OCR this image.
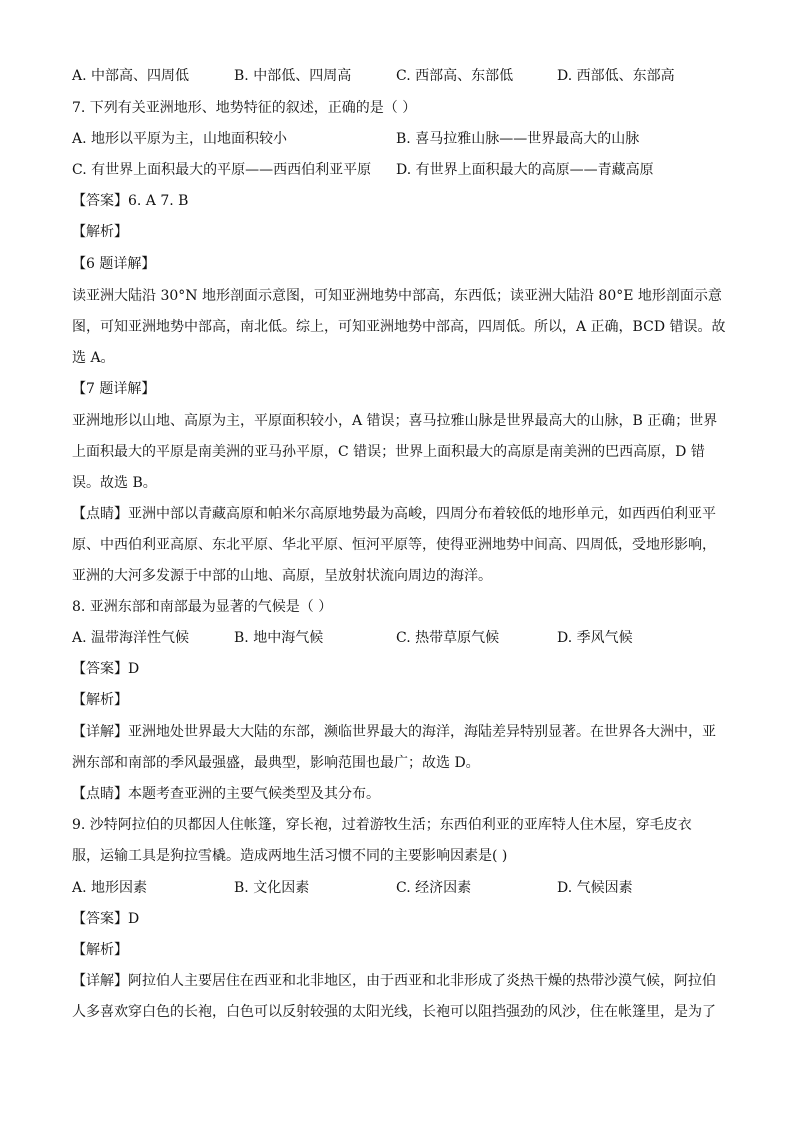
A. 中部高、四周低	B. 中部低、四周高	C. 西部高、东部低	D. 西部低、东部高
7. 下列有关亚洲地形、地势特征的叙述，正确的是（ ）
A. 地形以平原为主，山地面积较小	B. 喜马拉雅山脉——世界最高大的山脉
C. 有世界上面积最大的平原——西西伯利亚平原 D. 有世界上面积最大的高原——青藏高原
【答案】6. A 7. B
【解析】
【6 题详解】
读亚洲大陆沿 30°N 地形剖面示意图，可知亚洲地势中部高，东西低；读亚洲大陆沿 80°E 地形剖面示意
图，可知亚洲地势中部高，南北低。综上，可知亚洲地势中部高，四周低。所以，A 正确，BCD 错误。故
选 A。
【7 题详解】
亚洲地形以山地、高原为主，平原面积较小，A 错误；喜马拉雅山脉是世界最高大的山脉，B 正确；世界
上面积最大的平原是南美洲的亚马孙平原，C 错误；世界上面积最大的高原是南美洲的巴西高原，D 错
误。故选 B。
【点睛】亚洲中部以青藏高原和帕米尔高原地势最为高峻，四周分布着较低的地形单元，如西西伯利亚平
原、中西伯利亚高原、东北平原、华北平原、恒河平原等，使得亚洲地势中间高、四周低，受地形影响，
亚洲的大河多发源于中部的山地、高原，呈放射状流向周边的海洋。
8. 亚洲东部和南部最为显著的气候是（ ）
A. 温带海洋性气候	B. 地中海气候	C. 热带草原气候	D. 季风气候
【答案】D
【解析】
【详解】亚洲地处世界最大大陆的东部，濒临世界最大的海洋，海陆差异特别显著。在世界各大洲中，亚
洲东部和南部的季风最强盛，最典型，影响范围也最广；故选 D。
【点睛】本题考查亚洲的主要气候类型及其分布。
9. 沙特阿拉伯的贝都因人住帐篷，穿长袍，过着游牧生活；东西伯利亚的亚库特人住木屋，穿毛皮衣
服，运输工具是狗拉雪橇。造成两地生活习惯不同的主要影响因素是( )
A. 地形因素	B. 文化因素	C. 经济因素	D. 气候因素
【答案】D
【解析】
【详解】阿拉伯人主要居住在西亚和北非地区，由于西亚和北非形成了炎热干燥的热带沙漠气候，阿拉伯
人多喜欢穿白色的长袍，白色可以反射较强的太阳光线，长袍可以阻挡强劲的风沙，住在帐篷里，是为了
